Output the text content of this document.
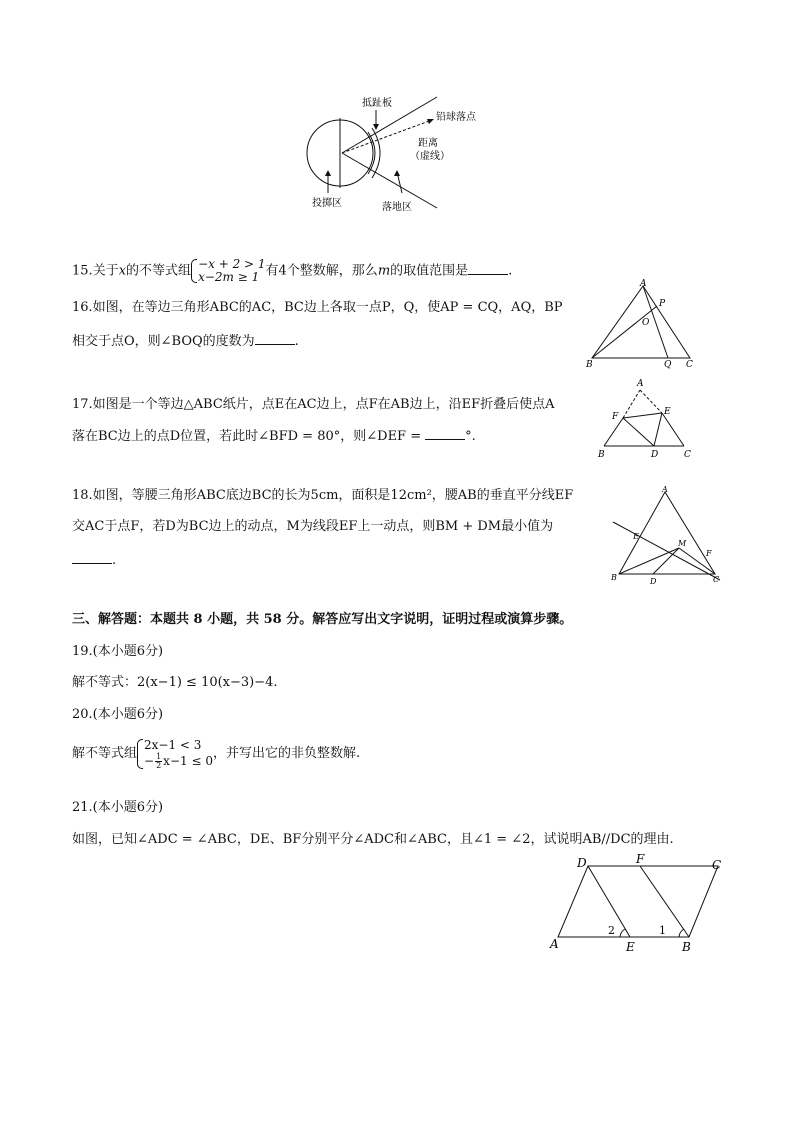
抵趾板
铅球落点
距离
（虚线）
投掷区	落地区
15.关于x的不等式组 −x + 2 > 1
x−2m ≥ 1 有4个整数解，那么m的取值范围是	.
16.如图，在等边三角形ABC的AC，BC边上各取一点P，Q，使AP = CQ，AQ，BP
相交于点O，则∠BOQ的度数为	.
A
P
O
B	Q C
17.如图是一个等边△ABC纸片，点E在AC边上，点F在AB边上，沿EF折叠后使点A
落在BC边上的点D位置，若此时∠BFD = 80°，则∠DEF =	°.
A
F	E
B	D	C
18.如图，等腰三角形ABC底边BC的长为5cm，面积是12cm²，腰AB的垂直平分线EF
交AC于点F，若D为BC边上的动点，M为线段EF上一动点，则BM + DM最小值为
.
A
E
M
F
B	D	C
三、解答题：本题共 8 小题，共 58 分。解答应写出文字说明，证明过程或演算步骤。
19.(本小题6分)
解不等式：2(x−1) ≤ 10(x−3)−4.
20.(本小题6分)
解不等式组
2x−1 < 3
− $\frac{1}{2} x-1 \le 0$ ，并写出它的非负整数解.
21.(本小题6分)
如图，已知∠ADC = ∠ABC，DE、BF分别平分∠ADC和∠ABC，且∠1 = ∠2，试说明AB//DC的理由.
D	F	C
A	E	B
2	1
